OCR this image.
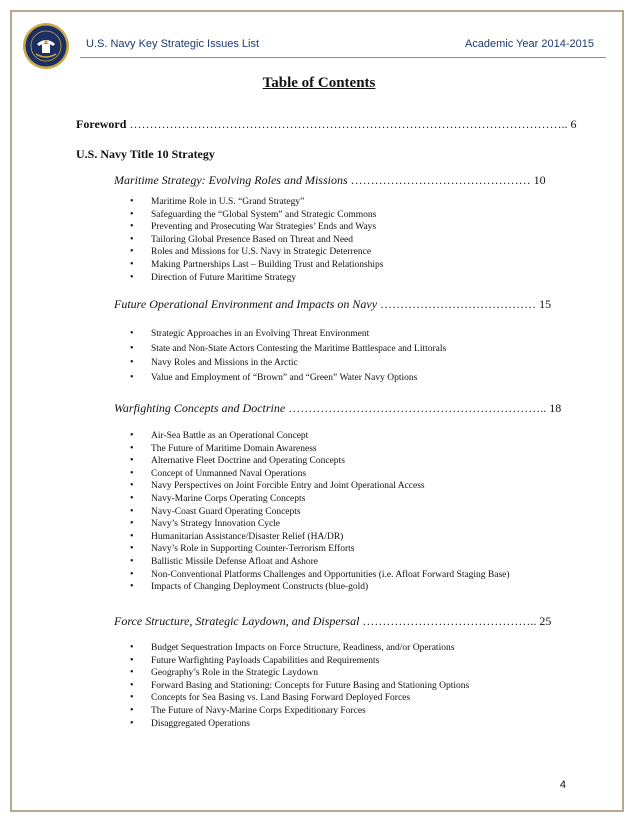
U.S. Navy Key Strategic Issues List	Academic Year 2014-2015
Table of Contents
Foreword ……………………………………………………………………………………………….. 6
U.S. Navy Title 10 Strategy
Maritime Strategy: Evolving Roles and Missions ……………………………………… 10
• Maritime Role in U.S. “Grand Strategy”
• Safeguarding the “Global System” and Strategic Commons
• Preventing and Prosecuting War Strategies’ Ends and Ways
• Tailoring Global Presence Based on Threat and Need
• Roles and Missions for U.S. Navy in Strategic Deterrence
• Making Partnerships Last – Building Trust and Relationships
• Direction of Future Maritime Strategy
Future Operational Environment and Impacts on Navy ………………………………… 15
• Strategic Approaches in an Evolving Threat Environment
• State and Non-State Actors Contesting the Maritime Battlespace and Littorals
• Navy Roles and Missions in the Arctic
• Value and Employment of “Brown” and “Green” Water Navy Options
Warfighting Concepts and Doctrine ……………………………………………………….. 18
• Air-Sea Battle as an Operational Concept
• The Future of Maritime Domain Awareness
• Alternative Fleet Doctrine and Operating Concepts
• Concept of Unmanned Naval Operations
• Navy Perspectives on Joint Forcible Entry and Joint Operational Access
• Navy-Marine Corps Operating Concepts
• Navy-Coast Guard Operating Concepts
• Navy’s Strategy Innovation Cycle
• Humanitarian Assistance/Disaster Relief (HA/DR)
• Navy’s Role in Supporting Counter-Terrorism Efforts
• Ballistic Missile Defense Afloat and Ashore
• Non-Conventional Platforms Challenges and Opportunities (i.e. Afloat Forward Staging Base)
• Impacts of Changing Deployment Constructs (blue-gold)
Force Structure, Strategic Laydown, and Dispersal …………………………………….. 25
• Budget Sequestration Impacts on Force Structure, Readiness, and/or Operations
• Future Warfighting Payloads Capabilities and Requirements
• Geography’s Role in the Strategic Laydown
• Forward Basing and Stationing: Concepts for Future Basing and Stationing Options
• Concepts for Sea Basing vs. Land Basing Forward Deployed Forces
• The Future of Navy-Marine Corps Expeditionary Forces
• Disaggregated Operations
4
